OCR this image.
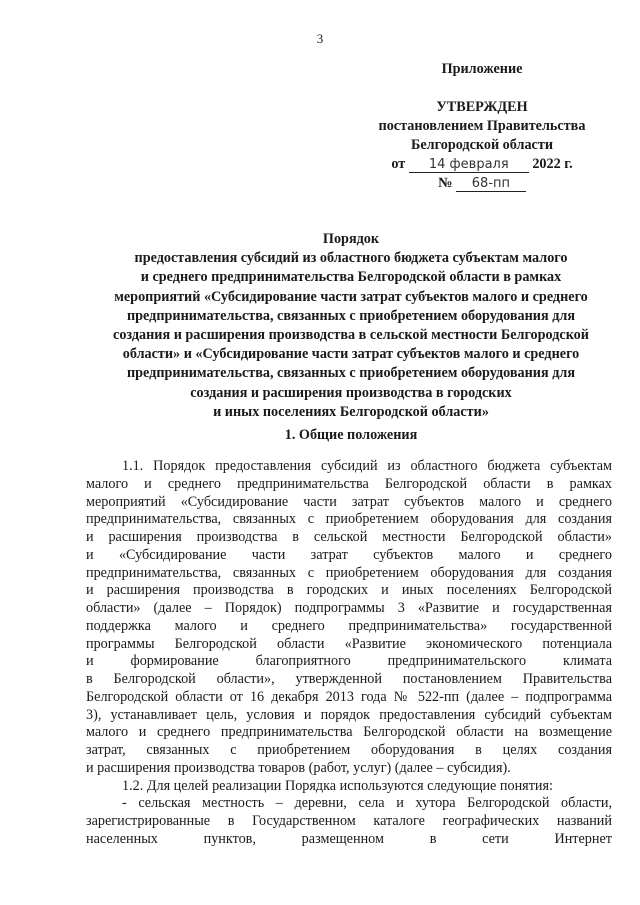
3
Приложение
УТВЕРЖДЕН
постановлением Правительства
Белгородской области
от 14 февраля 2022 г.
№ 68-пп
Порядок
предоставления субсидий из областного бюджета субъектам малого
и среднего предпринимательства Белгородской области в рамках
мероприятий «Субсидирование части затрат субъектов малого и среднего
предпринимательства, связанных с приобретением оборудования для
создания и расширения производства в сельской местности Белгородской
области» и «Субсидирование части затрат субъектов малого и среднего
предпринимательства, связанных с приобретением оборудования для
создания и расширения производства в городских
и иных поселениях Белгородской области»
1. Общие положения
1.1. Порядок предоставления субсидий из областного бюджета субъектам
малого и среднего предпринимательства Белгородской области в рамках
мероприятий «Субсидирование части затрат субъектов малого и среднего
предпринимательства, связанных с приобретением оборудования для создания
и расширения производства в сельской местности Белгородской области»
и «Субсидирование части затрат субъектов малого и среднего
предпринимательства, связанных с приобретением оборудования для создания
и расширения производства в городских и иных поселениях Белгородской
области» (далее – Порядок) подпрограммы 3 «Развитие и государственная
поддержка малого и среднего предпринимательства» государственной
программы Белгородской области «Развитие экономического потенциала
и формирование благоприятного предпринимательского климата
в Белгородской области», утвержденной постановлением Правительства
Белгородской области от 16 декабря 2013 года № 522-пп (далее – подпрограмма
3), устанавливает цель, условия и порядок предоставления субсидий субъектам
малого и среднего предпринимательства Белгородской области на возмещение
затрат, связанных с приобретением оборудования в целях создания
и расширения производства товаров (работ, услуг) (далее – субсидия).
1.2. Для целей реализации Порядка используются следующие понятия:
- сельская местность – деревни, села и хутора Белгородской области,
зарегистрированные в Государственном каталоге географических названий
населенных пунктов, размещенном в сети Интернет
